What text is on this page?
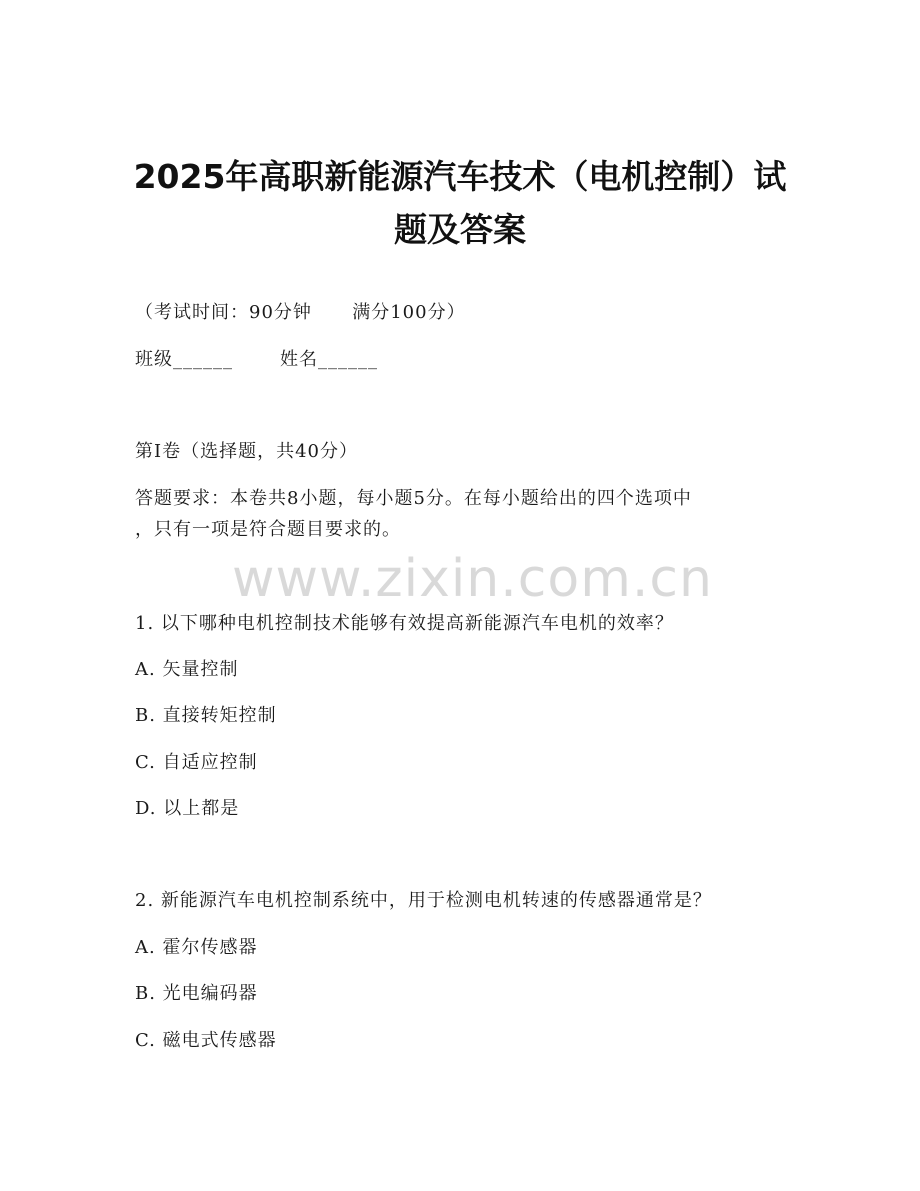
2025年高职新能源汽车技术（电机控制）试
题及答案
（考试时间：90分钟      满分100分）
班级______       姓名______
第I卷（选择题，共40分）
答题要求：本卷共8小题，每小题5分。在每小题给出的四个选项中
，只有一项是符合题目要求的。
www.zixin.com.cn
1. 以下哪种电机控制技术能够有效提高新能源汽车电机的效率？
A. 矢量控制
B. 直接转矩控制
C. 自适应控制
D. 以上都是
2. 新能源汽车电机控制系统中，用于检测电机转速的传感器通常是？
A. 霍尔传感器
B. 光电编码器
C. 磁电式传感器
